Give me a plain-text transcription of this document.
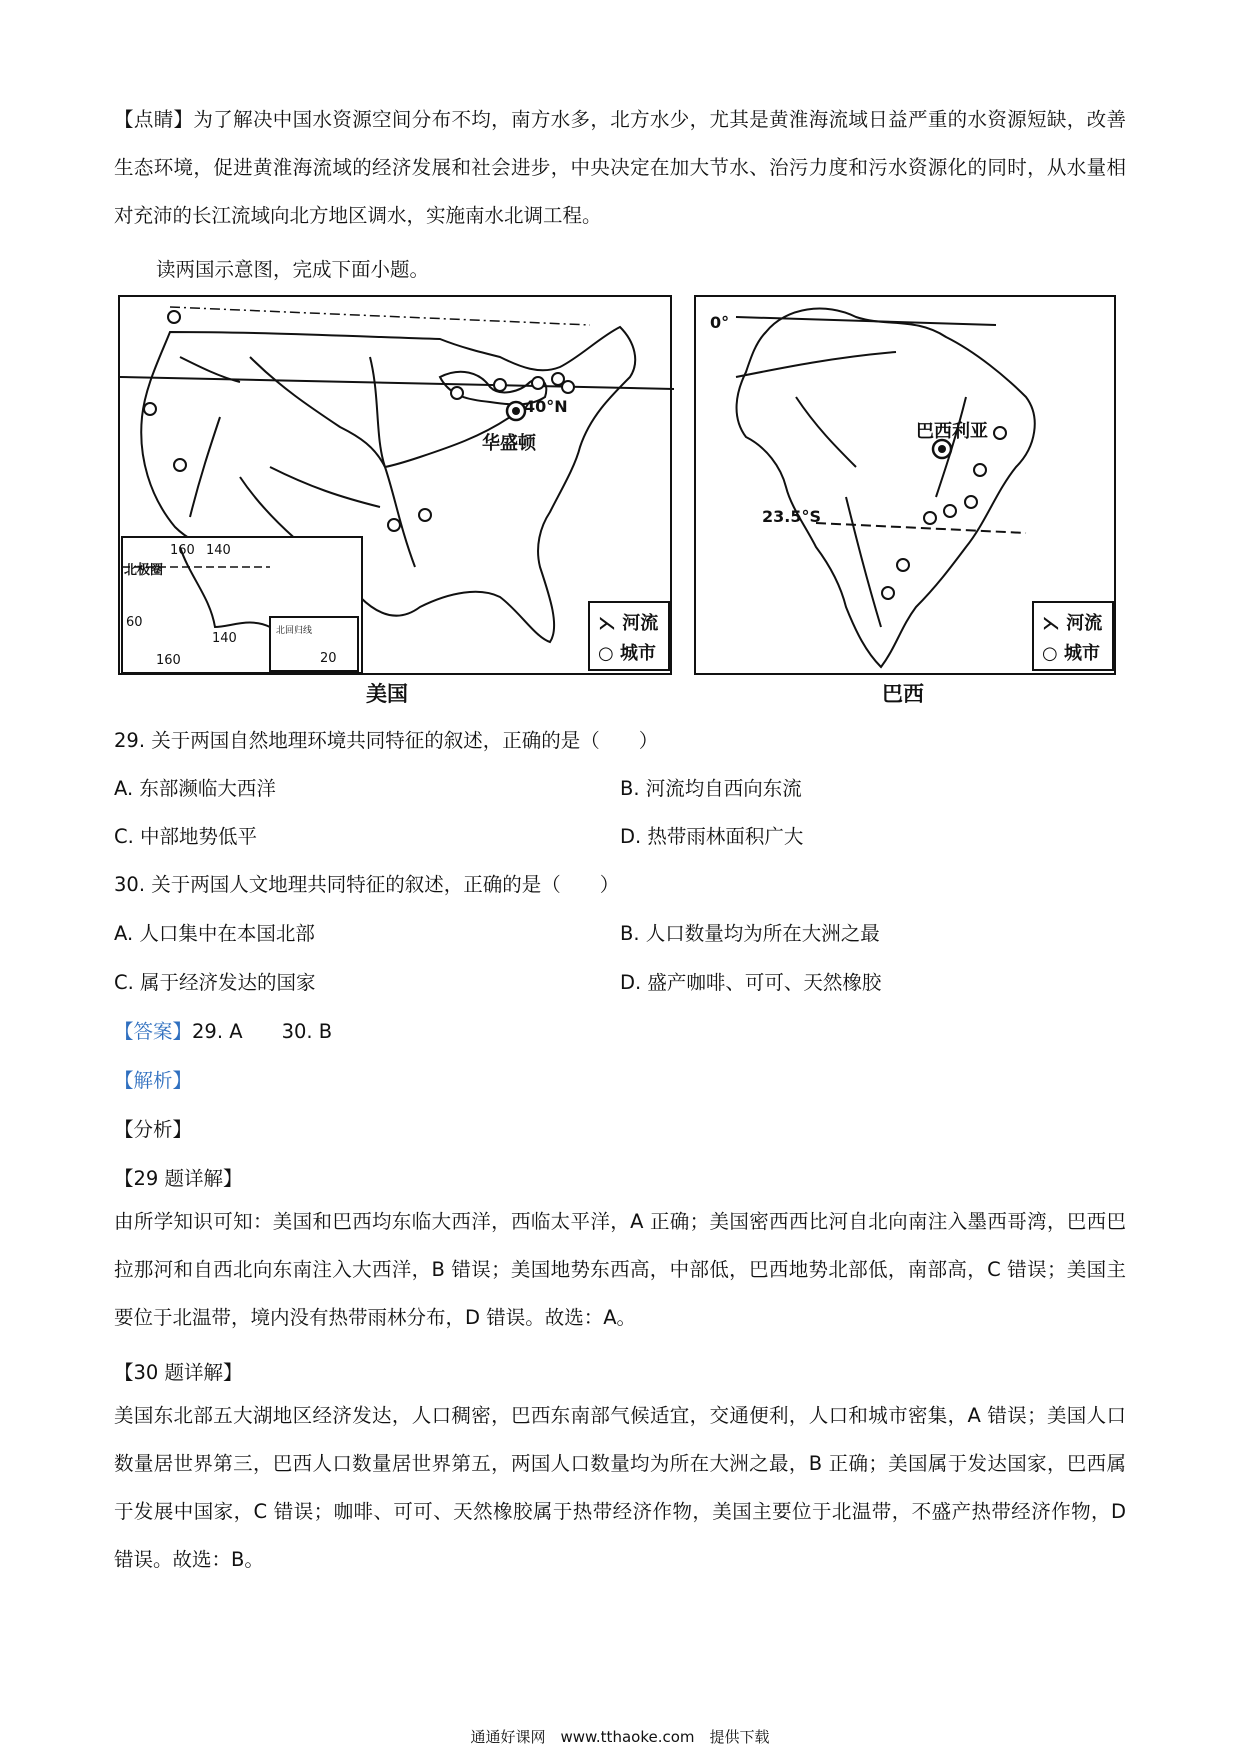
【点睛】为了解决中国水资源空间分布不均，南方水多，北方水少，尤其是黄淮海流域日益严重的水资源短缺，改善生态环境，促进黄淮海流域的经济发展和社会进步，中央决定在加大节水、治污力度和污水资源化的同时，从水量相对充沛的长江流域向北方地区调水，实施南水北调工程。

读两国示意图，完成下面小题。

40°N
华盛顿
北极圈
160 140
60
140
160
北回归线
20
⋋ 河流
○ 城市
美国
0°
23.5°S
巴西利亚
⋋ 河流
○ 城市
巴西

29. 关于两国自然地理环境共同特征的叙述，正确的是（　　）

A. 东部濒临大西洋	B. 河流均自西向东流
C. 中部地势低平	D. 热带雨林面积广大

30. 关于两国人文地理共同特征的叙述，正确的是（　　）

A. 人口集中在本国北部	B. 人口数量均为所在大洲之最
C. 属于经济发达的国家	D. 盛产咖啡、可可、天然橡胶

【答案】29. A　　30. B

【解析】

【分析】

【29 题详解】

由所学知识可知：美国和巴西均东临大西洋，西临太平洋，A 正确；美国密西西比河自北向南注入墨西哥湾，巴西巴拉那河和自西北向东南注入大西洋，B 错误；美国地势东西高，中部低，巴西地势北部低，南部高，C 错误；美国主要位于北温带，境内没有热带雨林分布，D 错误。故选：A。

【30 题详解】

美国东北部五大湖地区经济发达，人口稠密，巴西东南部气候适宜，交通便利，人口和城市密集，A 错误；美国人口数量居世界第三，巴西人口数量居世界第五，两国人口数量均为所在大洲之最，B 正确；美国属于发达国家，巴西属于发展中国家，C 错误；咖啡、可可、天然橡胶属于热带经济作物，美国主要位于北温带，不盛产热带经济作物，D 错误。故选：B。

通通好课网　www.tthaoke.com　提供下载
